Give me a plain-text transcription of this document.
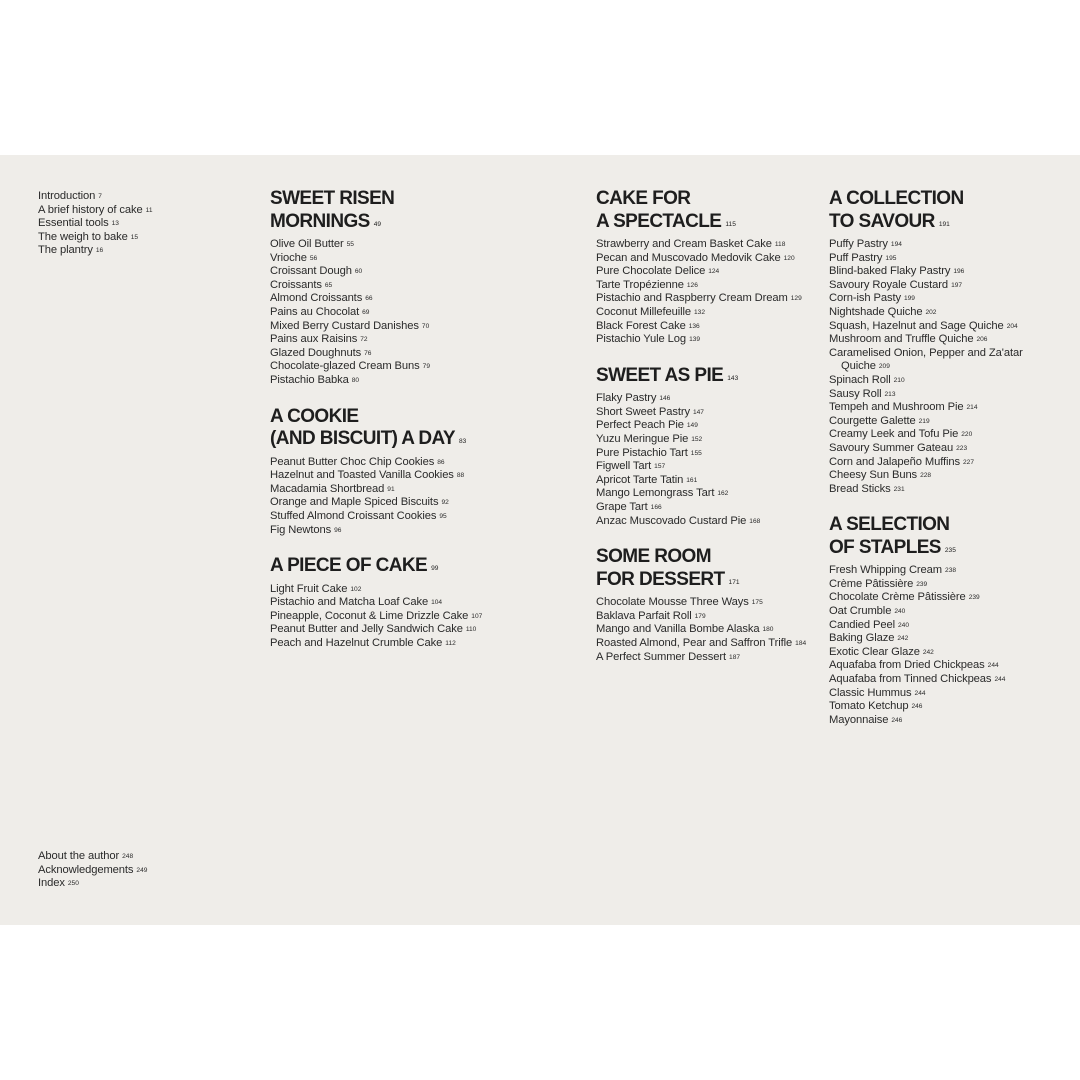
Introduction 7
A brief history of cake 11
Essential tools 13
The weigh to bake 15
The plantry 16
About the author 248
Acknowledgements 249
Index 250
SWEET RISEN
MORNINGS 49
Olive Oil Butter 55
Vrioche 56
Croissant Dough 60
Croissants 65
Almond Croissants 66
Pains au Chocolat 69
Mixed Berry Custard Danishes 70
Pains aux Raisins 72
Glazed Doughnuts 76
Chocolate-glazed Cream Buns 79
Pistachio Babka 80
A COOKIE
(AND BISCUIT) A DAY 83
Peanut Butter Choc Chip Cookies 86
Hazelnut and Toasted Vanilla Cookies 88
Macadamia Shortbread 91
Orange and Maple Spiced Biscuits 92
Stuffed Almond Croissant Cookies 95
Fig Newtons 96
A PIECE OF CAKE 99
Light Fruit Cake 102
Pistachio and Matcha Loaf Cake 104
Pineapple, Coconut & Lime Drizzle Cake 107
Peanut Butter and Jelly Sandwich Cake 110
Peach and Hazelnut Crumble Cake 112
CAKE FOR
A SPECTACLE 115
Strawberry and Cream Basket Cake 118
Pecan and Muscovado Medovik Cake 120
Pure Chocolate Delice 124
Tarte Tropézienne 126
Pistachio and Raspberry Cream Dream 129
Coconut Millefeuille 132
Black Forest Cake 136
Pistachio Yule Log 139
SWEET AS PIE 143
Flaky Pastry 146
Short Sweet Pastry 147
Perfect Peach Pie 149
Yuzu Meringue Pie 152
Pure Pistachio Tart 155
Figwell Tart 157
Apricot Tarte Tatin 161
Mango Lemongrass Tart 162
Grape Tart 166
Anzac Muscovado Custard Pie 168
SOME ROOM
FOR DESSERT 171
Chocolate Mousse Three Ways 175
Baklava Parfait Roll 179
Mango and Vanilla Bombe Alaska 180
Roasted Almond, Pear and Saffron Trifle 184
A Perfect Summer Dessert 187
A COLLECTION
TO SAVOUR 191
Puffy Pastry 194
Puff Pastry 195
Blind-baked Flaky Pastry 196
Savoury Royale Custard 197
Corn-ish Pasty 199
Nightshade Quiche 202
Squash, Hazelnut and Sage Quiche 204
Mushroom and Truffle Quiche 206
Caramelised Onion, Pepper and Za'atar
Quiche 209
Spinach Roll 210
Sausy Roll 213
Tempeh and Mushroom Pie 214
Courgette Galette 219
Creamy Leek and Tofu Pie 220
Savoury Summer Gateau 223
Corn and Jalapeño Muffins 227
Cheesy Sun Buns 228
Bread Sticks 231
A SELECTION
OF STAPLES 235
Fresh Whipping Cream 238
Crème Pâtissière 239
Chocolate Crème Pâtissière 239
Oat Crumble 240
Candied Peel 240
Baking Glaze 242
Exotic Clear Glaze 242
Aquafaba from Dried Chickpeas 244
Aquafaba from Tinned Chickpeas 244
Classic Hummus 244
Tomato Ketchup 246
Mayonnaise 246
